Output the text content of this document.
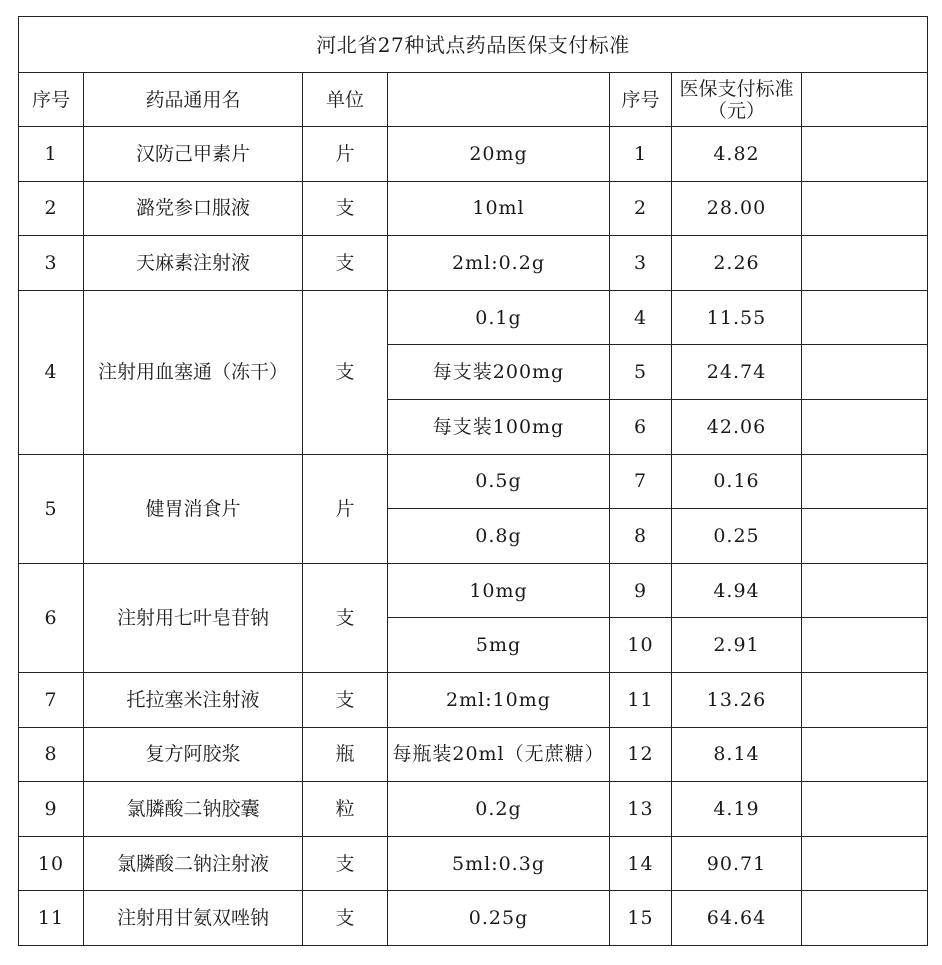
河北省27种试点药品医保支付标准						
序号	药品通用名	单位		序号	医保支付标准（元）	
1	汉防己甲素片	片	20mg	1	4.82	
2	潞党参口服液	支	10ml	2	28.00	
3	天麻素注射液	支	2ml:0.2g	3	2.26	
4	注射用血塞通（冻干）	支	0.1g	4	11.55	
			每支装200mg	5	24.74	
			每支装100mg	6	42.06	
5	健胃消食片	片	0.5g	7	0.16	
			0.8g	8	0.25	
6	注射用七叶皂苷钠	支	10mg	9	4.94	
			5mg	10	2.91	
7	托拉塞米注射液	支	2ml:10mg	11	13.26	
8	复方阿胶浆	瓶	每瓶装20ml（无蔗糖）	12	8.14	
9	氯膦酸二钠胶囊	粒	0.2g	13	4.19	
10	氯膦酸二钠注射液	支	5ml:0.3g	14	90.71	
11	注射用甘氨双唑钠	支	0.25g	15	64.64	
